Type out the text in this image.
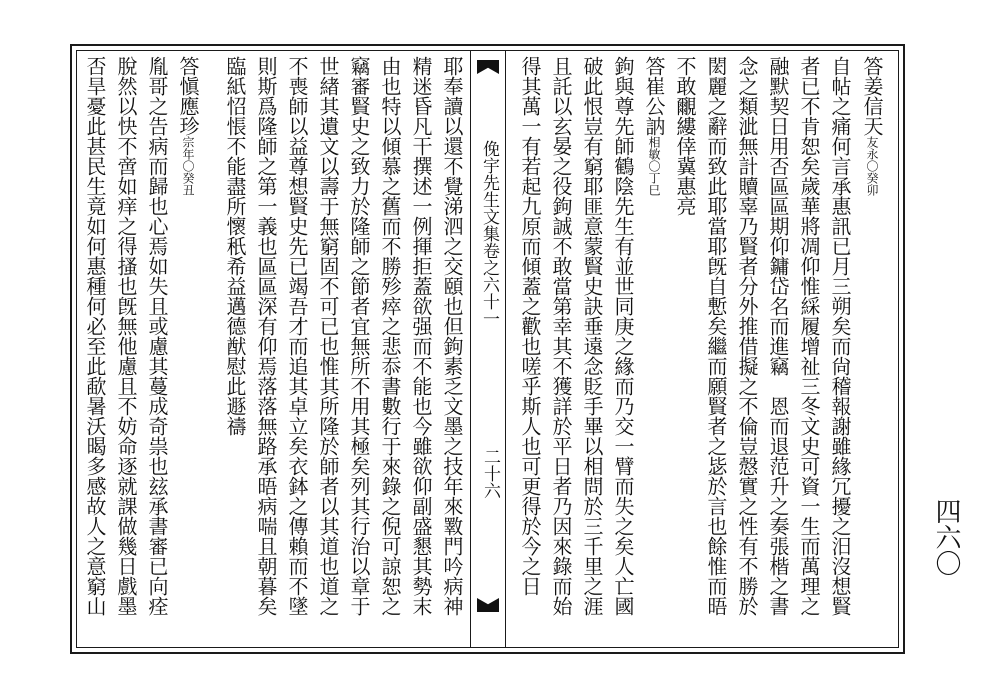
答姜信天友永〇癸卯
自帖之痛何言承惠訊已月三朔矣而尙稽報謝雖緣冗擾之汨沒想賢
者已不肯恕矣歲華將凋仰惟綵履增祉三冬文史可資一生而萬理之
融默契日用否區區期仰鏞岱名而進竊　恩而退范升之奏張楷之書
念之類泚無計贖辜乃賢者分外推借擬之不倫豈慤實之性有不勝於
閎麗之辭而致此耶當耶旣自慙矣繼而願賢者之毖於言也餘惟而晤
不敢覼縷倖冀惠亮
答崔公訥相敏〇丁巳
鉤與尊先師鶴陰先生有並世同庚之緣而乃交一臂而失之矣人亡國
破此恨豈有窮耶匪意蒙賢史訣垂遠念貶手畢以相問於三千里之涯
且託以玄晏之役鉤誠不敢當第幸其不獲詳於平日者乃因來錄而始
得其萬一有若起九原而傾蓋之歡也嗟乎斯人也可更得於今之日
俛宇先生文集卷之六十一
二十六
耶奉讀以還不覺涕泗之交頤也但鉤素乏文墨之技年來斁門吟病神
精迷昏凡干撰述一例揮拒蓋欲强而不能也今雖欲仰副盛懇其勢末
由也特以傾慕之舊而不勝殄瘁之悲忝書數行于來錄之倪可諒恕之
竊審賢史之致力於隆師之節者宜無所不用其極矣列其行治以章于
世緖其遺文以壽于無窮固不可已也惟其所隆於師者以其道也道之
不喪師以益尊想賢史先已竭吾才而追其卓立矣衣鉢之傳賴而不墜
則斯爲隆師之第一義也區區深有仰焉落落無路承晤病喘且朝暮矣
臨紙怊悵不能盡所懷秖希益邁德猷慰此遯禱
答愼應珍宗年〇癸丑
胤哥之告病而歸也心焉如失且或慮其蔓成奇祟也玆承書審已向痊
脫然以快不啻如痒之得搔也旣無他慮且不妨命逐就課做幾日戲墨
否旱憂此甚民生竟如何惠種何必至此歃暑沃暍多感故人之意窮山	四六〇
